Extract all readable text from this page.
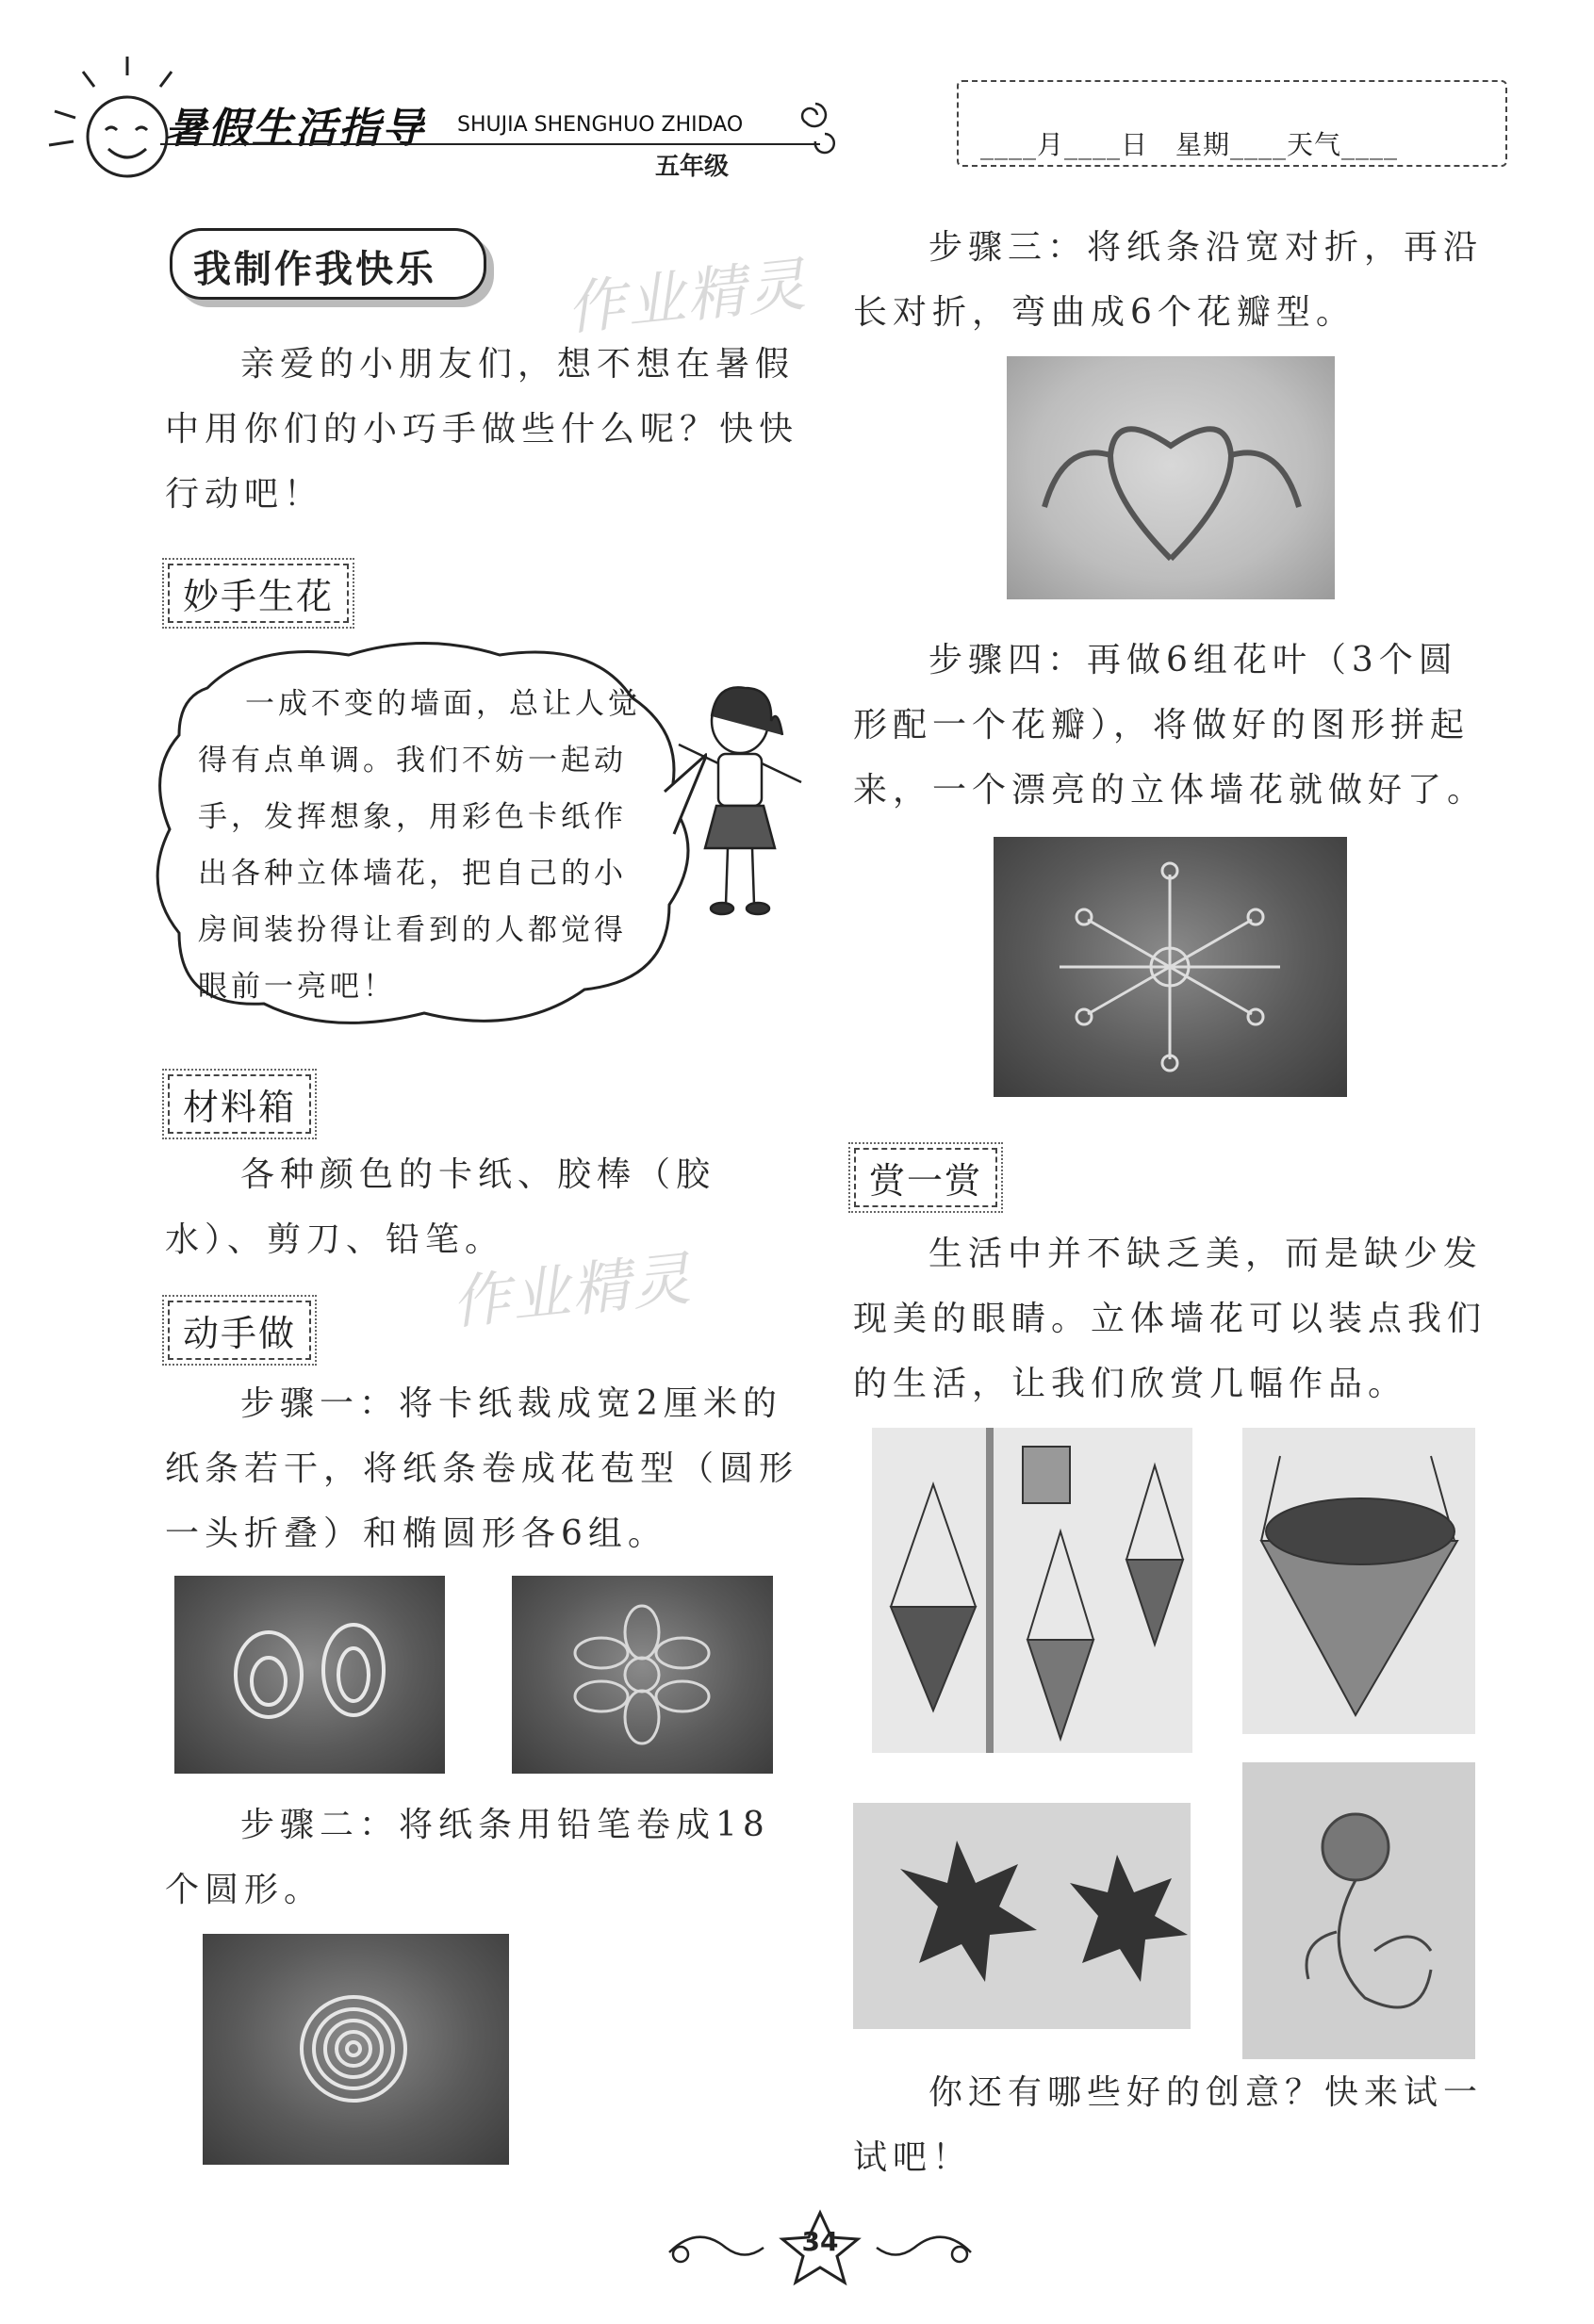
暑假生活指导 SHUJIA SHENGHUO ZHIDAO
五年级
____月____日　星期____天气____
我制作我快乐 作业精灵
亲爱的小朋友们，想不想在暑假中用你们的小巧手做些什么呢？快快行动吧！
妙手生花
一成不变的墙面，总让人觉得有点单调。我们不妨一起动手，发挥想象，用彩色卡纸作出各种立体墙花，把自己的小房间装扮得让看到的人都觉得眼前一亮吧！
材料箱
各种颜色的卡纸、胶棒（胶水）、剪刀、铅笔。
作业精灵
动手做
步骤一：将卡纸裁成宽2厘米的纸条若干，将纸条卷成花苞型（圆形一头折叠）和椭圆形各6组。
步骤二：将纸条用铅笔卷成18个圆形。
步骤三：将纸条沿宽对折，再沿长对折，弯曲成6个花瓣型。
步骤四：再做6组花叶（3个圆形配一个花瓣），将做好的图形拼起来，一个漂亮的立体墙花就做好了。
赏一赏
生活中并不缺乏美，而是缺少发现美的眼睛。立体墙花可以装点我们的生活，让我们欣赏几幅作品。
你还有哪些好的创意？快来试一试吧！
34
